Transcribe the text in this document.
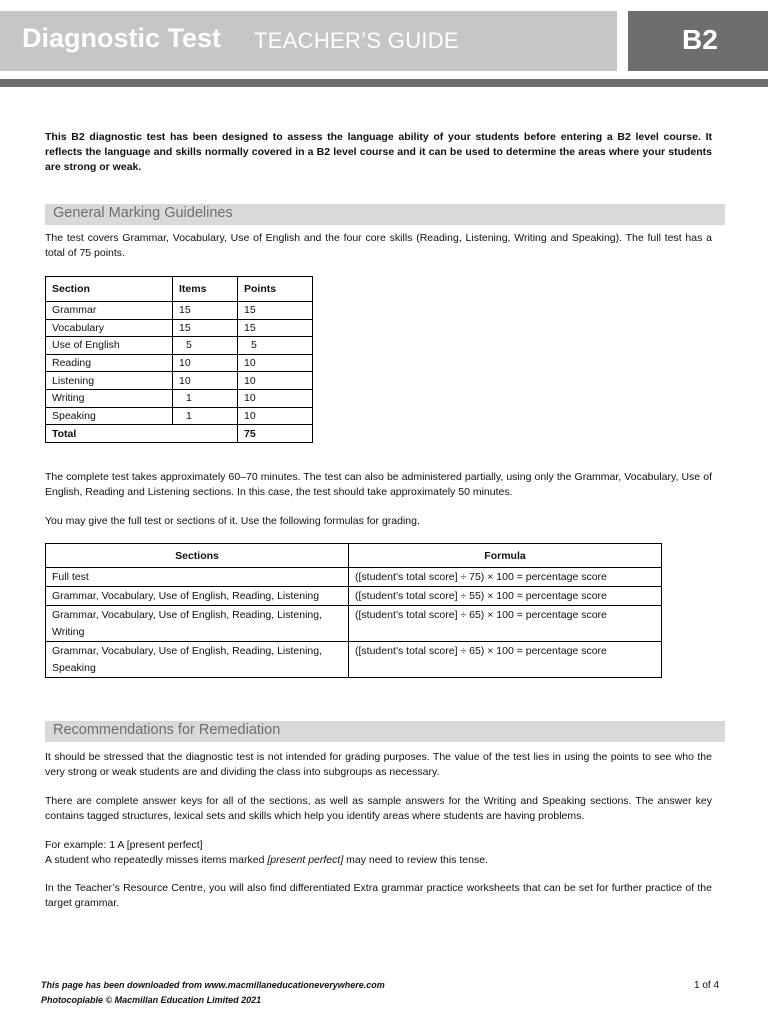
Diagnostic Test TEACHER’S GUIDE	B2

This B2 diagnostic test has been designed to assess the language ability of your students before entering a B2 level course. It reflects the language and skills normally covered in a B2 level course and it can be used to determine the areas where your students are strong or weak.

General Marking Guidelines

The test covers Grammar, Vocabulary, Use of English and the four core skills (Reading, Listening, Writing and Speaking). The full test has a total of 75 points.

Section	Items	Points
Grammar	15	15
Vocabulary	15	15
Use of English	5	5
Reading	10	10
Listening	10	10
Writing	1	10
Speaking	1	10
Total		75

The complete test takes approximately 60–70 minutes. The test can also be administered partially, using only the Grammar, Vocabulary, Use of English, Reading and Listening sections. In this case, the test should take approximately 50 minutes.

You may give the full test or sections of it. Use the following formulas for grading.

Sections	Formula
Full test	([student’s total score] ÷ 75) × 100 = percentage score
Grammar, Vocabulary, Use of English, Reading, Listening	([student’s total score] ÷ 55) × 100 = percentage score
Grammar, Vocabulary, Use of English, Reading, Listening, Writing	([student’s total score] ÷ 65) × 100 = percentage score
Grammar, Vocabulary, Use of English, Reading, Listening, Speaking	([student’s total score] ÷ 65) × 100 = percentage score
Recommendations for Remediation

It should be stressed that the diagnostic test is not intended for grading purposes. The value of the test lies in using the points to see who the very strong or weak students are and dividing the class into subgroups as necessary.

There are complete answer keys for all of the sections, as well as sample answers for the Writing and Speaking sections. The answer key contains tagged structures, lexical sets and skills which help you identify areas where students are having problems.

For example: 1 A [present perfect]
A student who repeatedly misses items marked [present perfect] may need to review this tense.

In the Teacher’s Resource Centre, you will also find differentiated Extra grammar practice worksheets that can be set for further practice of the target grammar.

This page has been downloaded from www.macmillaneducationeverywhere.com
Photocopiable © Macmillan Education Limited 2021
1 of 4
